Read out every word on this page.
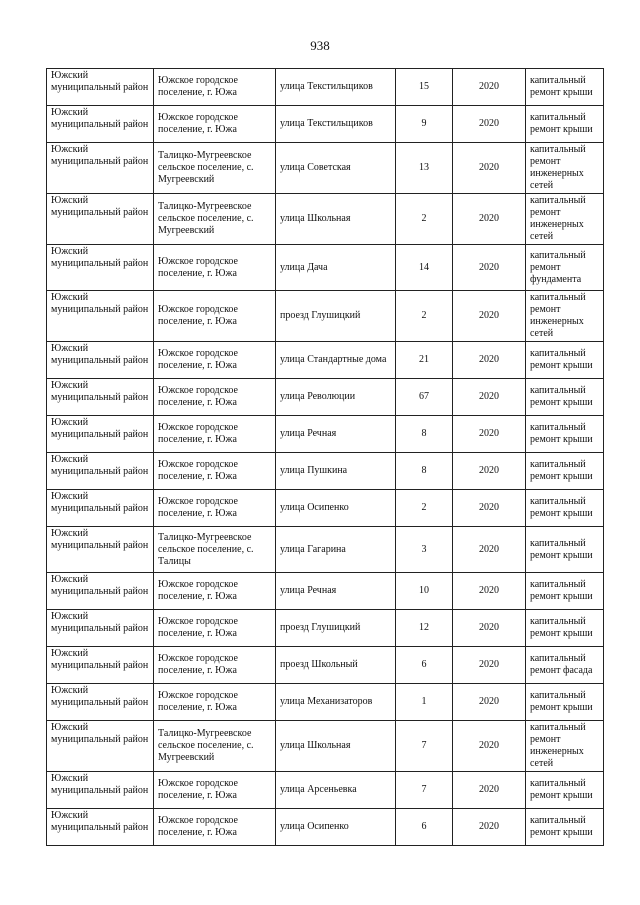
938
Южский муниципальный район	Южское городское поселение, г. Южа	улица Текстильщиков	15	2020	капитальный ремонт крыши
Южский муниципальный район	Южское городское поселение, г. Южа	улица Текстильщиков	9	2020	капитальный ремонт крыши
Южский муниципальный район	Талицко-Мугреевское сельское поселение, с. Мугреевский	улица Советская	13	2020	капитальный ремонт инженерных сетей
Южский муниципальный район	Талицко-Мугреевское сельское поселение, с. Мугреевский	улица Школьная	2	2020	капитальный ремонт инженерных сетей
Южский муниципальный район	Южское городское поселение, г. Южа	улица Дача	14	2020	капитальный ремонт фундамента
Южский муниципальный район	Южское городское поселение, г. Южа	проезд Глушицкий	2	2020	капитальный ремонт инженерных сетей
Южский муниципальный район	Южское городское поселение, г. Южа	улица Стандартные дома	21	2020	капитальный ремонт крыши
Южский муниципальный район	Южское городское поселение, г. Южа	улица Революции	67	2020	капитальный ремонт крыши
Южский муниципальный район	Южское городское поселение, г. Южа	улица Речная	8	2020	капитальный ремонт крыши
Южский муниципальный район	Южское городское поселение, г. Южа	улица Пушкина	8	2020	капитальный ремонт крыши
Южский муниципальный район	Южское городское поселение, г. Южа	улица Осипенко	2	2020	капитальный ремонт крыши
Южский муниципальный район	Талицко-Мугреевское сельское поселение, с. Талицы	улица Гагарина	3	2020	капитальный ремонт крыши
Южский муниципальный район	Южское городское поселение, г. Южа	улица Речная	10	2020	капитальный ремонт крыши
Южский муниципальный район	Южское городское поселение, г. Южа	проезд Глушицкий	12	2020	капитальный ремонт крыши
Южский муниципальный район	Южское городское поселение, г. Южа	проезд Школьный	6	2020	капитальный ремонт фасада
Южский муниципальный район	Южское городское поселение, г. Южа	улица Механизаторов	1	2020	капитальный ремонт крыши
Южский муниципальный район	Талицко-Мугреевское сельское поселение, с. Мугреевский	улица Школьная	7	2020	капитальный ремонт инженерных сетей
Южский муниципальный район	Южское городское поселение, г. Южа	улица Арсеньевка	7	2020	капитальный ремонт крыши
Южский муниципальный район	Южское городское поселение, г. Южа	улица Осипенко	6	2020	капитальный ремонт крыши
